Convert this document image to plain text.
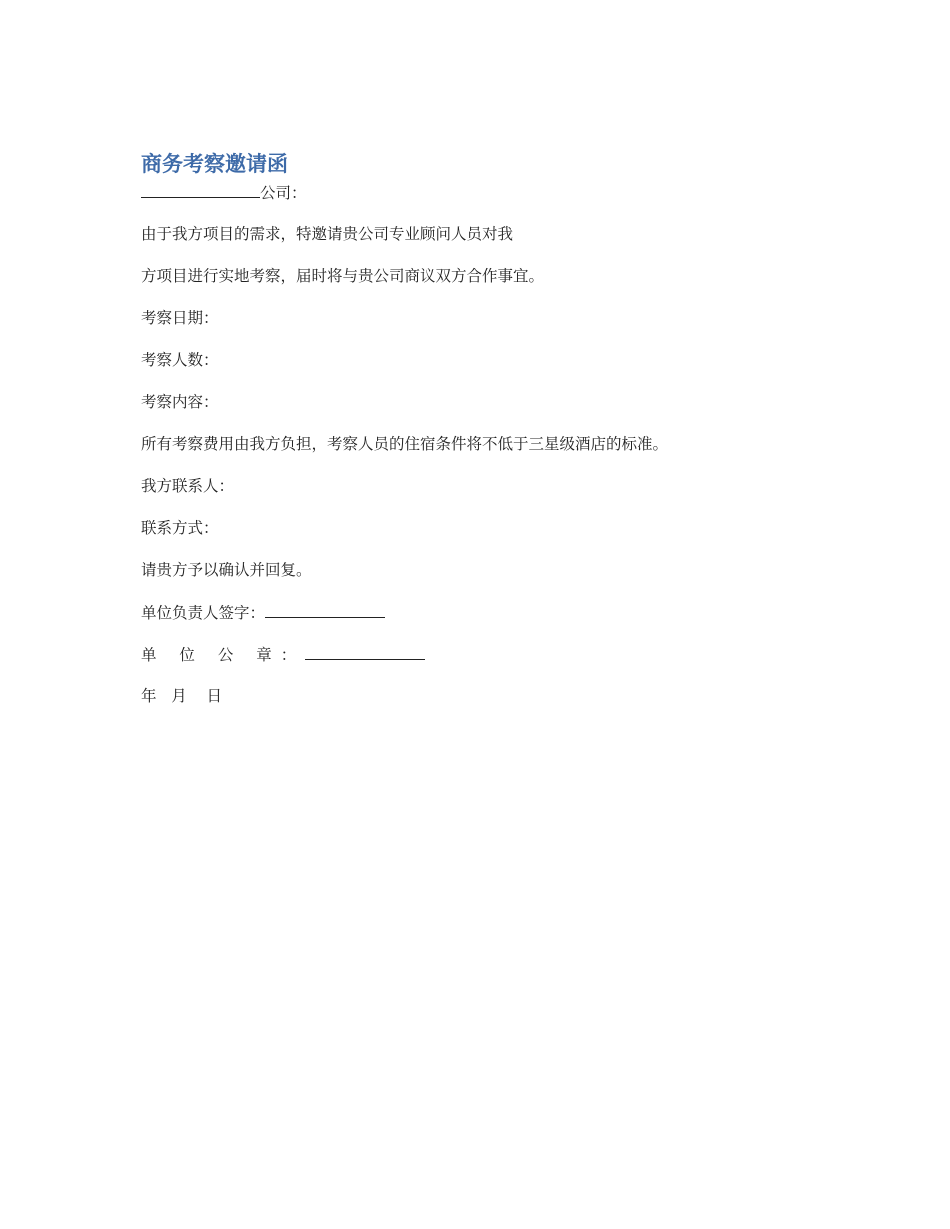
商务考察邀请函

公司：

由于我方项目的需求，特邀请贵公司专业顾问人员对我

方项目进行实地考察，届时将与贵公司商议双方合作事宜。

考察日期：

考察人数：

考察内容：

所有考察费用由我方负担，考察人员的住宿条件将不低于三星级酒店的标准。

我方联系人：

联系方式：

请贵方予以确认并回复。

单位负责人签字：

单 位 公 章：

年   月    日
